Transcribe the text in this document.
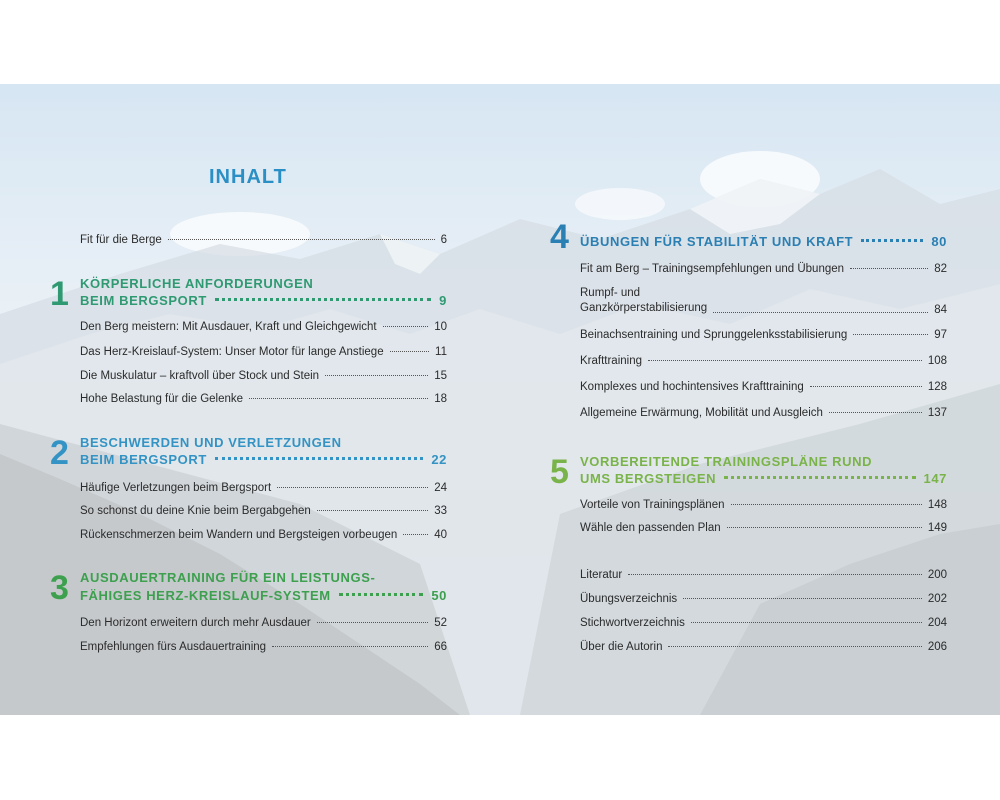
INHALT
Fit für die Berge	6
1 KÖRPERLICHE ANFORDERUNGEN
BEIM BERGSPORT	9
Den Berg meistern: Mit Ausdauer, Kraft und Gleichgewicht	10
Das Herz-Kreislauf-System: Unser Motor für lange Anstiege	11
Die Muskulatur – kraftvoll über Stock und Stein	15
Hohe Belastung für die Gelenke	18
2 BESCHWERDEN UND VERLETZUNGEN
BEIM BERGSPORT	22
Häufige Verletzungen beim Bergsport	24
So schonst du deine Knie beim Bergabgehen	33
Rückenschmerzen beim Wandern und Bergsteigen vorbeugen	40
3 AUSDAUERTRAINING FÜR EIN LEISTUNGS-
FÄHIGES HERZ-KREISLAUF-SYSTEM	50
Den Horizont erweitern durch mehr Ausdauer	52
Empfehlungen fürs Ausdauertraining	66
4 ÜBUNGEN FÜR STABILITÄT UND KRAFT	80
Fit am Berg – Trainingsempfehlungen und Übungen	82
Rumpf- und
Ganzkörperstabilisierung	84
Beinachsentraining und Sprunggelenksstabilisierung	97
Krafttraining	108
Komplexes und hochintensives Krafttraining	128
Allgemeine Erwärmung, Mobilität und Ausgleich	137
5 VORBEREITENDE TRAININGSPLÄNE RUND
UMS BERGSTEIGEN	147
Vorteile von Trainingsplänen	148
Wähle den passenden Plan	149
Literatur	200
Übungsverzeichnis	202
Stichwortverzeichnis	204
Über die Autorin	206
